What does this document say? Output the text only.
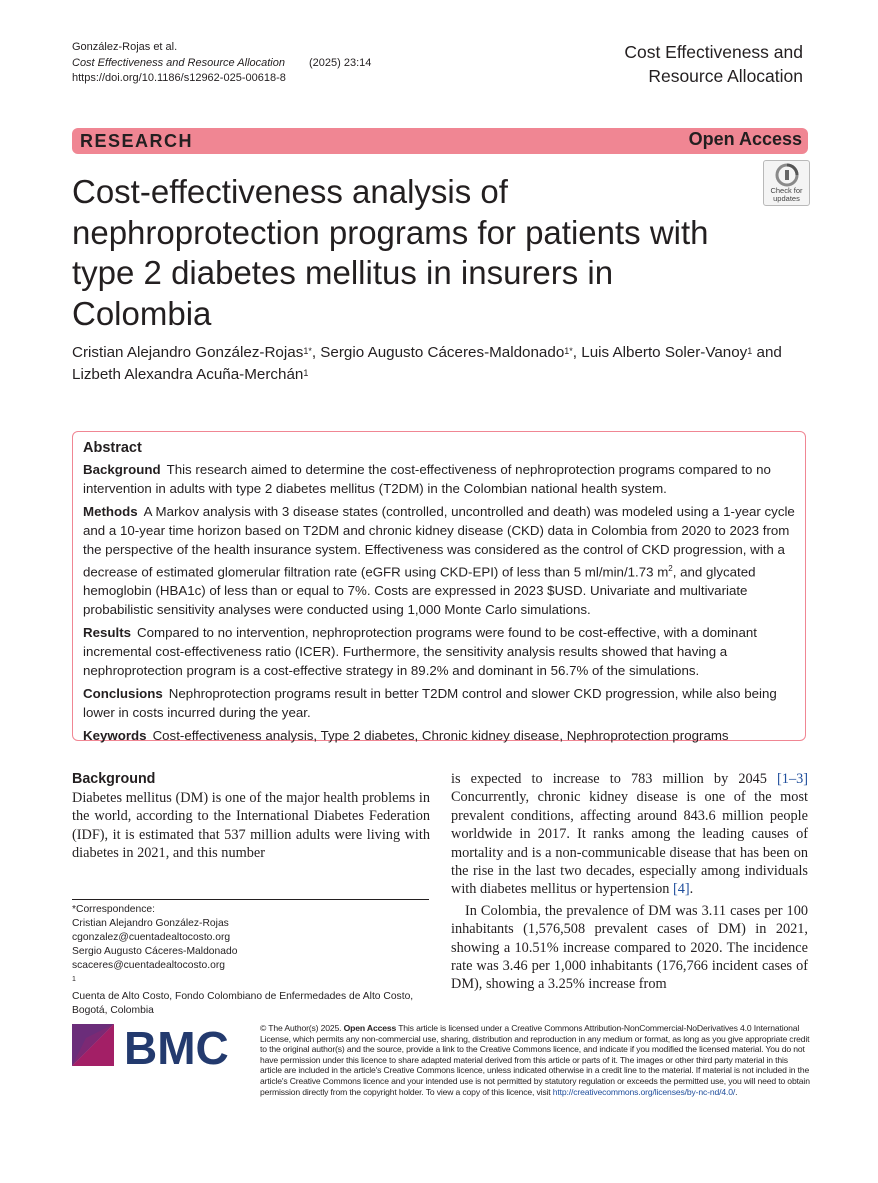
González-Rojas et al.
Cost Effectiveness and Resource Allocation (2025) 23:14
https://doi.org/10.1186/s12962-025-00618-8
Cost Effectiveness and
Resource Allocation
RESEARCH	Open Access
Check for
updates
Cost-effectiveness analysis of nephroprotection programs for patients with type 2 diabetes mellitus in insurers in Colombia
Cristian Alejandro González-Rojas$^{1*}$, Sergio Augusto Cáceres-Maldonado$^{1*}$, Luis Alberto Soler-Vanoy$^1$ and
Lizbeth Alexandra Acuña-Merchán$^1$
Abstract
Background This research aimed to determine the cost-effectiveness of nephroprotection programs compared to no intervention in adults with type 2 diabetes mellitus (T2DM) in the Colombian national health system.
Methods A Markov analysis with 3 disease states (controlled, uncontrolled and death) was modeled using a 1-year cycle and a 10-year time horizon based on T2DM and chronic kidney disease (CKD) data in Colombia from 2020 to 2023 from the perspective of the health insurance system. Effectiveness was considered as the control of CKD progression, with a decrease of estimated glomerular filtration rate (eGFR using CKD-EPI) of less than 5 ml/min/1.73 $m^2$, and glycated hemoglobin (HBA1c) of less than or equal to 7%. Costs are expressed in 2023 $USD. Univariate and multivariate probabilistic sensitivity analyses were conducted using 1,000 Monte Carlo simulations.
Results Compared to no intervention, nephroprotection programs were found to be cost-effective, with a dominant incremental cost-effectiveness ratio (ICER). Furthermore, the sensitivity analysis results showed that having a nephroprotection program is a cost-effective strategy in 89.2% and dominant in 56.7% of the simulations.
Conclusions Nephroprotection programs result in better T2DM control and slower CKD progression, while also being lower in costs incurred during the year.
Keywords Cost-effectiveness analysis, Type 2 diabetes, Chronic kidney disease, Nephroprotection programs
Background

Diabetes mellitus (DM) is one of the major health problems in the world, according to the International Diabetes Federation (IDF), it is estimated that 537 million adults were living with diabetes in 2021, and this number

is expected to increase to 783 million by 2045 [1–3] Concurrently, chronic kidney disease is one of the most prevalent conditions, affecting around 843.6 million people worldwide in 2017. It ranks among the leading causes of mortality and is a non-communicable disease that has been on the rise in the last two decades, especially among individuals with diabetes mellitus or hypertension [4].

In Colombia, the prevalence of DM was 3.11 cases per 100 inhabitants (1,576,508 prevalent cases of DM) in 2021, showing a 10.51% increase compared to 2020. The incidence rate was 3.46 per 1,000 inhabitants (176,766 incident cases of DM), showing a 3.25% increase from

*Correspondence:
Cristian Alejandro González-Rojas
cgonzalez@cuentadealtocosto.org
Sergio Augusto Cáceres-Maldonado
scaceres@cuentadealtocosto.org
$^1$
Cuenta de Alto Costo, Fondo Colombiano de Enfermedades de Alto Costo, Bogotá, Colombia
BMC	© The Author(s) 2025. Open Access This article is licensed under a Creative Commons Attribution-NonCommercial-NoDerivatives 4.0 International License, which permits any non-commercial use, sharing, distribution and reproduction in any medium or format, as long as you give appropriate credit to the original author(s) and the source, provide a link to the Creative Commons licence, and indicate if you modified the licensed material. You do not have permission under this licence to share adapted material derived from this article or parts of it. The images or other third party material in this article are included in the article's Creative Commons licence, unless indicated otherwise in a credit line to the material. If material is not included in the article's Creative Commons licence and your intended use is not permitted by statutory regulation or exceeds the permitted use, you will need to obtain permission directly from the copyright holder. To view a copy of this licence, visit http://creativecommons.org/licenses/by-nc-nd/4.0/.
